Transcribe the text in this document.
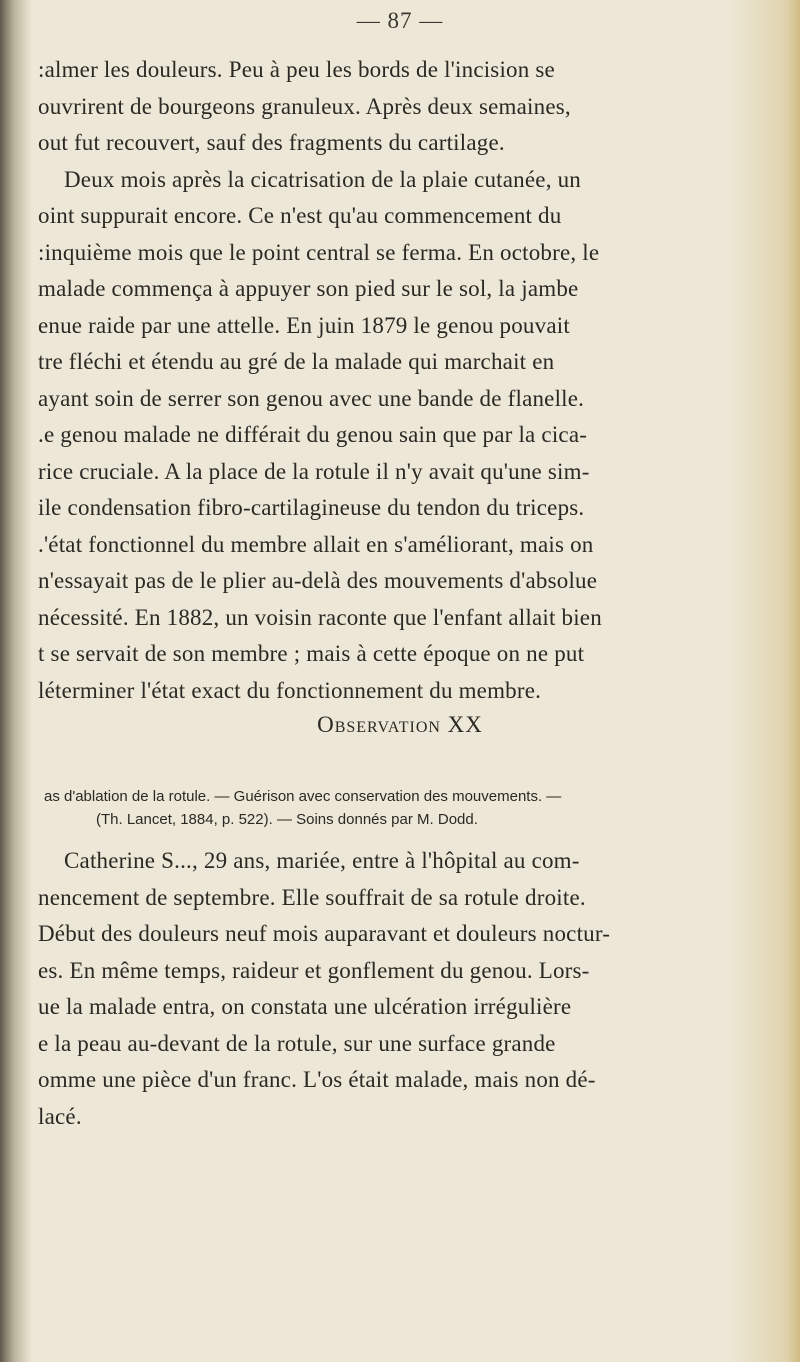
— 87 —
:almer les douleurs. Peu à peu les bords de l'incision se
ouvrirent de bourgeons granuleux. Après deux semaines,
out fut recouvert, sauf des fragments du cartilage.
Deux mois après la cicatrisation de la plaie cutanée, un
oint suppurait encore. Ce n'est qu'au commencement du
:inquième mois que le point central se ferma. En octobre, le
malade commença à appuyer son pied sur le sol, la jambe
enue raide par une attelle. En juin 1879 le genou pouvait
tre fléchi et étendu au gré de la malade qui marchait en
ayant soin de serrer son genou avec une bande de flanelle.
.e genou malade ne différait du genou sain que par la cica-
rice cruciale. A la place de la rotule il n'y avait qu'une sim-
ile condensation fibro-cartilagineuse du tendon du triceps.
.'état fonctionnel du membre allait en s'améliorant, mais on
n'essayait pas de le plier au-delà des mouvements d'absolue
nécessité. En 1882, un voisin raconte que l'enfant allait bien
t se servait de son membre ; mais à cette époque on ne put
léterminer l'état exact du fonctionnement du membre.
Observation XX
as d'ablation de la rotule. — Guérison avec conservation des mouvements. —
(Th. Lancet, 1884, p. 522). — Soins donnés par M. Dodd.
Catherine S..., 29 ans, mariée, entre à l'hôpital au com-
nencement de septembre. Elle souffrait de sa rotule droite.
Début des douleurs neuf mois auparavant et douleurs noctur-
es. En même temps, raideur et gonflement du genou. Lors-
ue la malade entra, on constata une ulcération irrégulière
e la peau au-devant de la rotule, sur une surface grande
omme une pièce d'un franc. L'os était malade, mais non dé-
lacé.
